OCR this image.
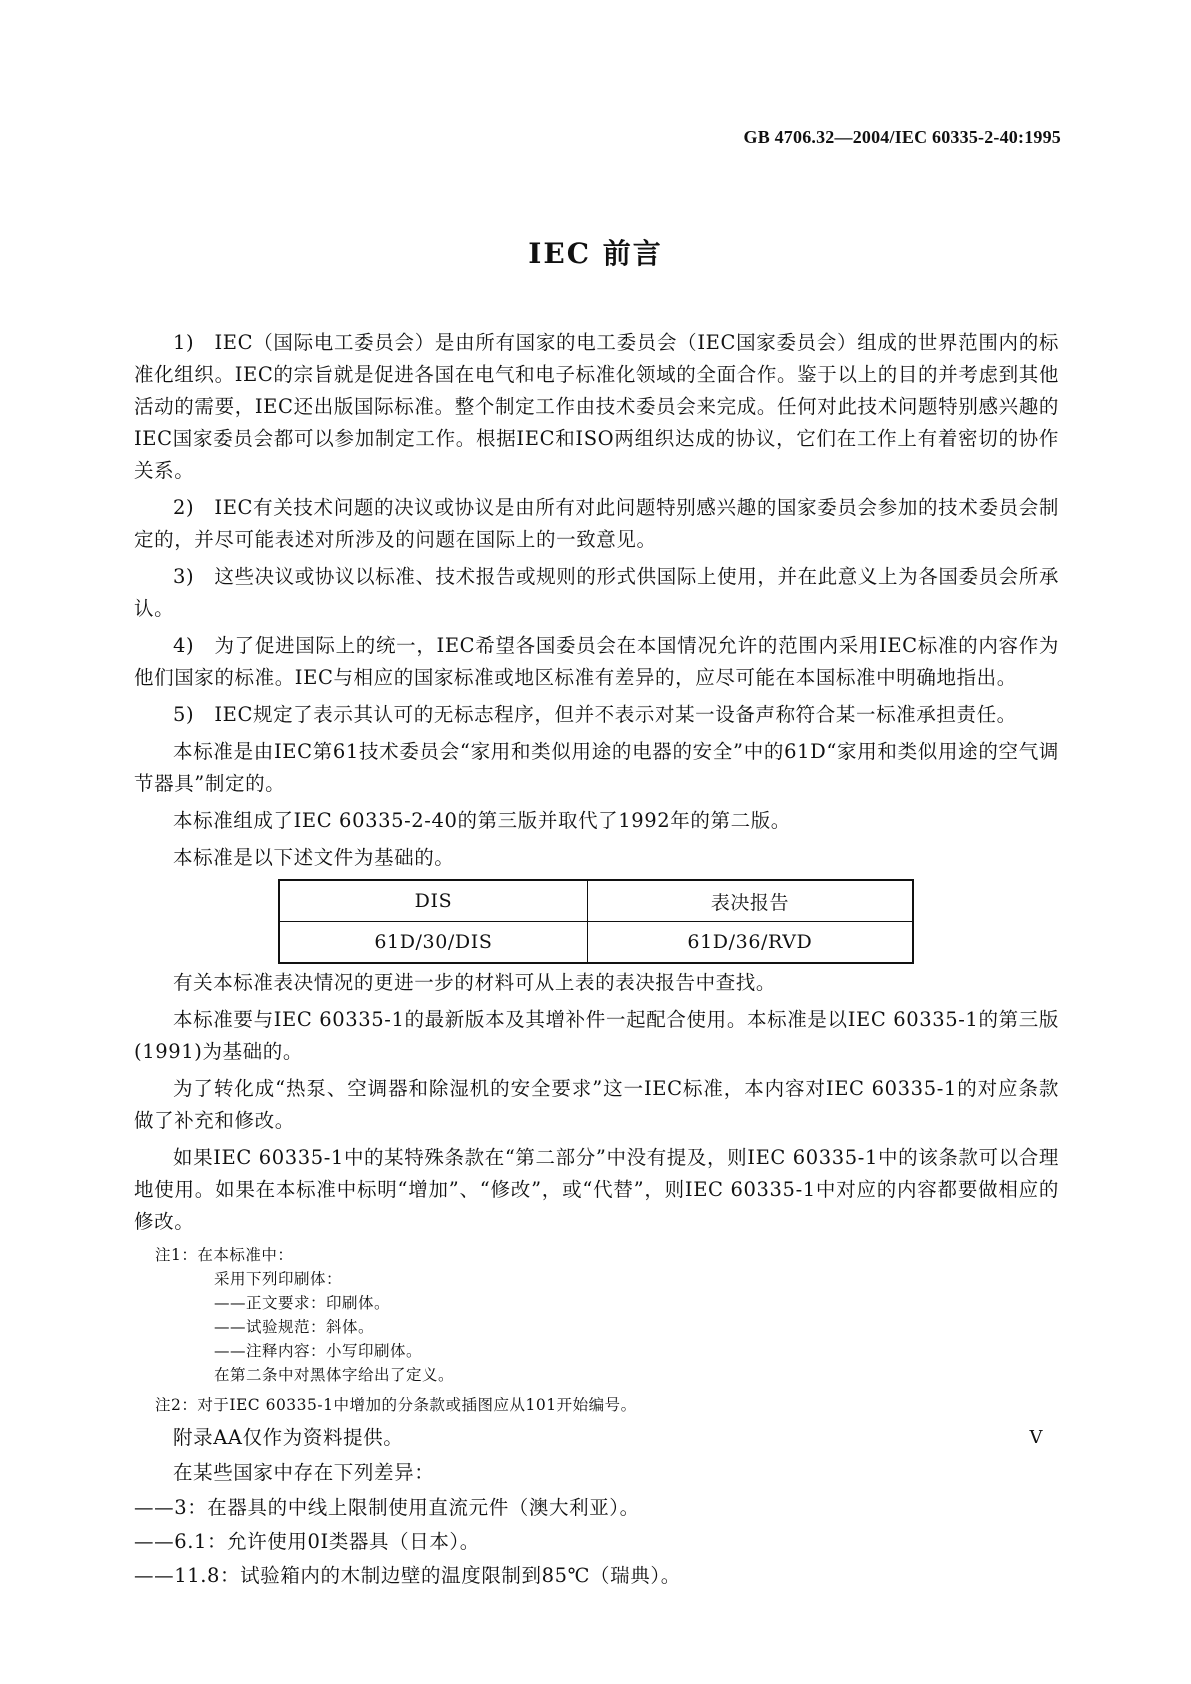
GB 4706.32—2004/IEC 60335-2-40:1995
IEC 前言

1)　IEC（国际电工委员会）是由所有国家的电工委员会（IEC国家委员会）组成的世界范围内的标准化组织。IEC的宗旨就是促进各国在电气和电子标准化领域的全面合作。鉴于以上的目的并考虑到其他活动的需要，IEC还出版国际标准。整个制定工作由技术委员会来完成。任何对此技术问题特别感兴趣的IEC国家委员会都可以参加制定工作。根据IEC和ISO两组织达成的协议，它们在工作上有着密切的协作关系。

2)　IEC有关技术问题的决议或协议是由所有对此问题特别感兴趣的国家委员会参加的技术委员会制定的，并尽可能表述对所涉及的问题在国际上的一致意见。

3)　这些决议或协议以标准、技术报告或规则的形式供国际上使用，并在此意义上为各国委员会所承认。

4)　为了促进国际上的统一，IEC希望各国委员会在本国情况允许的范围内采用IEC标准的内容作为他们国家的标准。IEC与相应的国家标准或地区标准有差异的，应尽可能在本国标准中明确地指出。

5)　IEC规定了表示其认可的无标志程序，但并不表示对某一设备声称符合某一标准承担责任。

本标准是由IEC第61技术委员会“家用和类似用途的电器的安全”中的61D“家用和类似用途的空气调节器具”制定的。

本标准组成了IEC 60335-2-40的第三版并取代了1992年的第二版。

本标准是以下述文件为基础的。

DIS	表决报告
61D/30/DIS	61D/36/RVD

有关本标准表决情况的更进一步的材料可从上表的表决报告中查找。

本标准要与IEC 60335-1的最新版本及其增补件一起配合使用。本标准是以IEC 60335-1的第三版(1991)为基础的。

为了转化成“热泵、空调器和除湿机的安全要求”这一IEC标准，本内容对IEC 60335-1的对应条款做了补充和修改。

如果IEC 60335-1中的某特殊条款在“第二部分”中没有提及，则IEC 60335-1中的该条款可以合理地使用。如果在本标准中标明“增加”、“修改”，或“代替”，则IEC 60335-1中对应的内容都要做相应的修改。

注1：在本标准中：
采用下列印刷体：
——正文要求：印刷体。
——试验规范：斜体。
——注释内容：小写印刷体。
在第二条中对黑体字给出了定义。
注2：对于IEC 60335-1中增加的分条款或插图应从101开始编号。

附录AA仅作为资料提供。

在某些国家中存在下列差异：

——3：在器具的中线上限制使用直流元件（澳大利亚）。

——6.1：允许使用0I类器具（日本）。

——11.8：试验箱内的木制边壁的温度限制到85℃（瑞典）。

V
